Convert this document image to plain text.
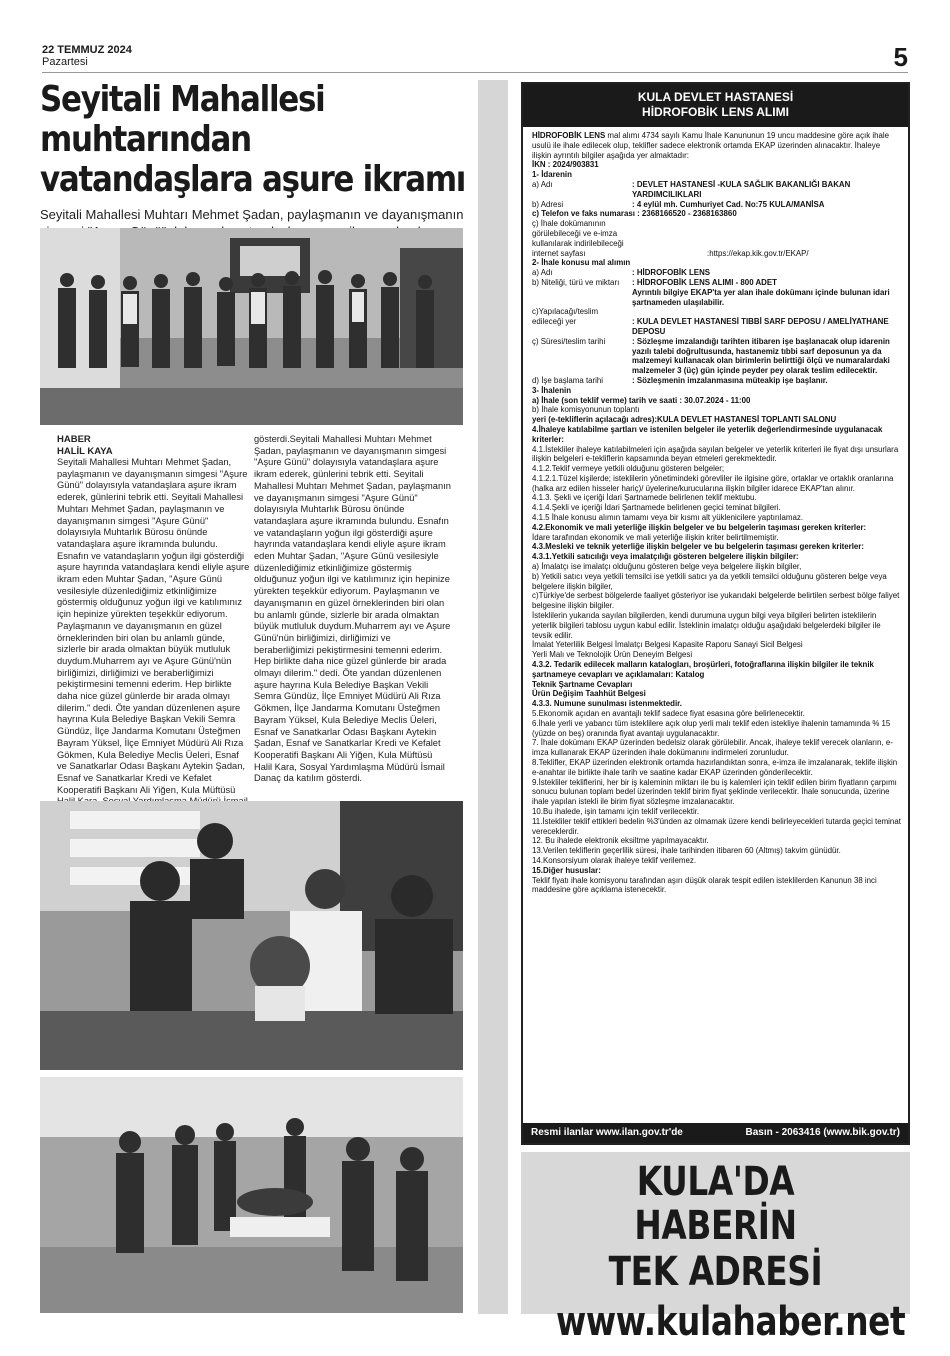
22 TEMMUZ 2024
Pazartesi	5
Seyitali Mahallesi muhtarından
vatandaşlara aşure ikramı

Seyitali Mahallesi Muhtarı Mehmet Şadan, paylaşmanın ve dayanışmanın

HABER
HALİL KAYA

Seyitali Mahallesi Muhtarı Mehmet Şadan, paylaşmanın ve dayanışmanın simgesi "Aşure Günü" dolayısıyla vatandaşlara aşure ikram ederek, günlerini tebrik etti. Seyitali Mahallesi Muhtarı Mehmet Şadan, paylaşmanın ve dayanışmanın simgesi "Aşure Günü" dolayısıyla Muhtarlık Bürosu önünde vatandaşlara aşure ikramında bulundu. Esnafın ve vatandaşların yoğun ilgi gösterdiği aşure hayrında vatandaşlara kendi eliyle aşure ikram eden Muhtar Şadan, "Aşure Günü vesilesiyle düzenlediğimiz etkinliğimize göstermiş olduğunuz yoğun ilgi ve katılımınız için hepinize yürekten teşekkür ediyorum. Paylaşmanın ve dayanışmanın en güzel örneklerinden biri olan bu anlamlı günde, sizlerle bir arada olmaktan büyük mutluluk duydum.Muharrem ayı ve Aşure Günü'nün birliğimizi, dirliğimizi ve beraberliğimizi pekiştirmesini temenni ederim. Hep birlikte daha nice güzel günlerde bir arada olmayı dilerim." dedi. Öte yandan düzenlenen aşure hayrına Kula Belediye Başkan Vekili Semra Gündüz, İlçe Jandarma Komutanı Üsteğmen Bayram Yüksel, İlçe Emniyet Müdürü Ali Rıza Gökmen, Kula Belediye Meclis Üeleri, Esnaf ve Sanatkarlar Odası Başkanı Aytekin Şadan, Esnaf ve Sanatkarlar Kredi ve Kefalet Kooperatifi Başkanı Ali Yiğen, Kula Müftüsü

gösterdi.Seyitali Mahallesi Muhtarı Mehmet Şadan, paylaşmanın ve dayanışmanın simgesi "Aşure Günü" dolayısıyla vatandaşlara aşure ikram ederek, günlerini tebrik etti. Seyitali Mahallesi Muhtarı Mehmet Şadan, paylaşmanın ve dayanışmanın simgesi "Aşure Günü" dolayısıyla Muhtarlık Bürosu önünde vatandaşlara aşure ikramında bulundu. Esnafın ve vatandaşların yoğun ilgi gösterdiği aşure hayrında vatandaşlara kendi eliyle aşure ikram eden Muhtar Şadan, "Aşure Günü vesilesiyle düzenlediğimiz etkinliğimize göstermiş olduğunuz yoğun ilgi ve katılımınız için hepinize yürekten teşekkür ediyorum. Paylaşmanın ve dayanışmanın en güzel örneklerinden biri olan bu anlamlı günde, sizlerle bir arada olmaktan büyük mutluluk duydum.Muharrem ayı ve Aşure Günü'nün birliğimizi, dirliğimizi ve beraberliğimizi pekiştirmesini temenni ederim. Hep birlikte daha nice güzel günlerde bir arada olmayı dilerim." dedi. Öte yandan düzenlenen aşure hayrına Kula Belediye Başkan Vekili Semra Gündüz, İlçe Emniyet Müdürü Ali Rıza Gökmen, İlçe Jandarma Komutanı Üsteğmen Bayram Yüksel, Kula Belediye Meclis Üeleri, Esnaf ve Sanatkarlar Odası Başkanı Aytekin Şadan, Esnaf ve Sanatkarlar Kredi ve Kefalet Kooperatifi Başkanı Ali Yiğen, Kula Müftüsü Halil Kara, Sosyal Yardımlaşma Müdürü İsmail Danaç da katılım gösterdi.

KULA DEVLET HASTANESİ
HİDROFOBİK LENS ALIMI

HİDROFOBİK LENS mal alımı 4734 sayılı Kamu İhale Kanununun 19 uncu maddesine göre açık ihale usulü ile ihale edilecek olup, teklifler sadece elektronik ortamda EKAP üzerinden alınacaktır. İhaleye ilişkin ayrıntılı bilgiler aşağıda yer almaktadır:

İKN : 2024/903831

1- İdarenin

a) Adı	: DEVLET HASTANESİ -KULA SAĞLIK BAKANLIĞI BAKAN YARDIMCILIKLARI
b) Adresi	: 4 eylül mh. Cumhuriyet Cad. No:75 KULA/MANİSA

c) Telefon ve faks numarası : 2368166520 - 2368163860

ç) İhale dokümanının

görülebileceği ve e-imza

kullanılarak indirilebileceği

internet sayfası	:https://ekap.kik.gov.tr/EKAP/

2- İhale konusu mal alımın

a) Adı	: HİDROFOBİK LENS
b) Niteliği, türü ve miktarı	: HİDROFOBİK LENS ALIMI - 800 ADET
Ayrıntılı bilgiye EKAP'ta yer alan ihale dokümanı içinde bulunan idari şartnameden ulaşılabilir.

c)Yapılacağı/teslim

edileceği yer	: KULA DEVLET HASTANESİ TIBBİ SARF DEPOSU / AMELİYATHANE DEPOSU
ç) Süresi/teslim tarihi	: Sözleşme imzalandığı tarihten itibaren işe başlanacak olup idarenin yazılı talebi doğrultusunda, hastanemiz tıbbi sarf deposunun ya da malzemeyi kullanacak olan birimlerin belirttiği ölçü ve numaralardaki malzemeler 3 (üç) gün içinde peyder pey olarak teslim edilecektir.
d) İşe başlama tarihi	: Sözleşmenin imzalanmasına müteakip işe başlanır.

3- İhalenin

a) İhale (son teklif verme) tarih ve saati : 30.07.2024 - 11:00

b) İhale komisyonunun toplantı

yeri (e-tekliflerin açılacağı adres):KULA DEVLET HASTANESİ TOPLANTI SALONU

4.İhaleye katılabilme şartları ve istenilen belgeler ile yeterlik değerlendirmesinde uygulanacak kriterler:

4.1.İstekliler ihaleye katılabilmeleri için aşağıda sayılan belgeler ve yeterlik kriterleri ile fiyat dışı unsurlara ilişkin belgeleri e-tekliflerin kapsamında beyan etmeleri gerekmektedir.

4.1.2.Teklif vermeye yetkili olduğunu gösteren belgeler;

4.1.2.1.Tüzel kişilerde; isteklilerin yönetimindeki görevliler ile ilgisine göre, ortaklar ve ortaklık oranlarına (halka arz edilen hisseler hariç)/ üyelerine/kurucularına ilişkin bilgiler idarece EKAP'tan alınır.

4.1.3. Şekli ve içeriği İdari Şartnamede belirlenen teklif mektubu.

4.1.4.Şekli ve içeriği İdari Şartnamede belirlenen geçici teminat bilgileri.

4.1.5 İhale konusu alımın tamamı veya bir kısmı alt yüklenicilere yaptırılamaz.

4.2.Ekonomik ve mali yeterliğe ilişkin belgeler ve bu belgelerin taşıması gereken kriterler:

İdare tarafından ekonomik ve mali yeterliğe ilişkin kriter belirtilmemiştir.

4.3.Mesleki ve teknik yeterliğe ilişkin belgeler ve bu belgelerin taşıması gereken kriterler:

4.3.1.Yetkili satıcılığı veya imalatçılığı gösteren belgelere ilişkin bilgiler:

a) İmalatçı ise imalatçı olduğunu gösteren belge veya belgelere ilişkin bilgiler,

b) Yetkili satıcı veya yetkili temsilci ise yetkili satıcı ya da yetkili temsilci olduğunu gösteren belge veya belgelere ilişkin bilgiler,

c)Türkiye'de serbest bölgelerde faaliyet gösteriyor ise yukarıdaki belgelerde belirtilen serbest bölge faliyet belgesine ilişkin bilgiler.

İsteklilerin yukarıda sayılan bilgilerden, kendi durumuna uygun bilgi veya bilgileri belirten isteklilerin yeterlik bilgileri tablosu uygun kabul edilir. İsteklinin imalatçı olduğu aşağıdaki belgelerdeki bilgiler ile tevsik edilir.

İmalat Yeterlilik Belgesi İmalatçı Belgesi Kapasite Raporu Sanayi Sicil Belgesi

Yerli Malı ve Teknolojik Ürün Deneyim Belgesi

4.3.2. Tedarik edilecek malların katalogları, broşürleri, fotoğraflarına ilişkin bilgiler ile teknik şartnameye cevapları ve açıklamaları: Katalog

Teknik Şartname Cevapları

Ürün Değişim Taahhüt Belgesi

4.3.3. Numune sunulması istenmektedir.

5.Ekonomik açıdan en avantajlı teklif sadece fiyat esasına göre belirlenecektir.

6.İhale yerli ve yabancı tüm isteklilere açık olup yerli malı teklif eden istekliye ihalenin tamamında % 15 (yüzde on beş) oranında fiyat avantajı uygulanacaktır.

7. İhale dokümanı EKAP üzerinden bedelsiz olarak görülebilir. Ancak, ihaleye teklif verecek olanların, e-imza kullanarak EKAP üzerinden ihale dokümanını indirmeleri zorunludur.

8.Teklifler, EKAP üzerinden elektronik ortamda hazırlandıktan sonra, e-imza ile imzalanarak, teklife ilişkin e-anahtar ile birlikte ihale tarih ve saatine kadar EKAP üzerinden gönderilecektir.

9.İstekliler tekliflerini, her bir iş kaleminin miktarı ile bu iş kalemleri için teklif edilen birim fiyatların çarpımı sonucu bulunan toplam bedel üzerinden teklif birim fiyat şeklinde verilecektir. İhale sonucunda, üzerine ihale yapılan istekli ile birim fiyat sözleşme imzalanacaktır.

10.Bu ihalede, işin tamamı için teklif verilecektir.

11.İstekliler teklif ettikleri bedelin %3'ünden az olmamak üzere kendi belirleyecekleri tutarda geçici teminat vereceklerdir.

12. Bu ihalede elektronik eksiltme yapılmayacaktır.

13.Verilen tekliflerin geçerlilik süresi, ihale tarihinden itibaren 60 (Altmış) takvim günüdür.

14.Konsorsiyum olarak ihaleye teklif verilemez.

15.Diğer hususlar:

Teklif fiyatı ihale komisyonu tarafından aşırı düşük olarak tespit edilen isteklilerden Kanunun 38 inci maddesine göre açıklama istenecektir.

Resmi ilanlar www.ilan.gov.tr'de	Basın - 2063416 (www.bik.gov.tr)
KULA'DA HABERİN
TEK ADRESİ
www.kulahaber.net
